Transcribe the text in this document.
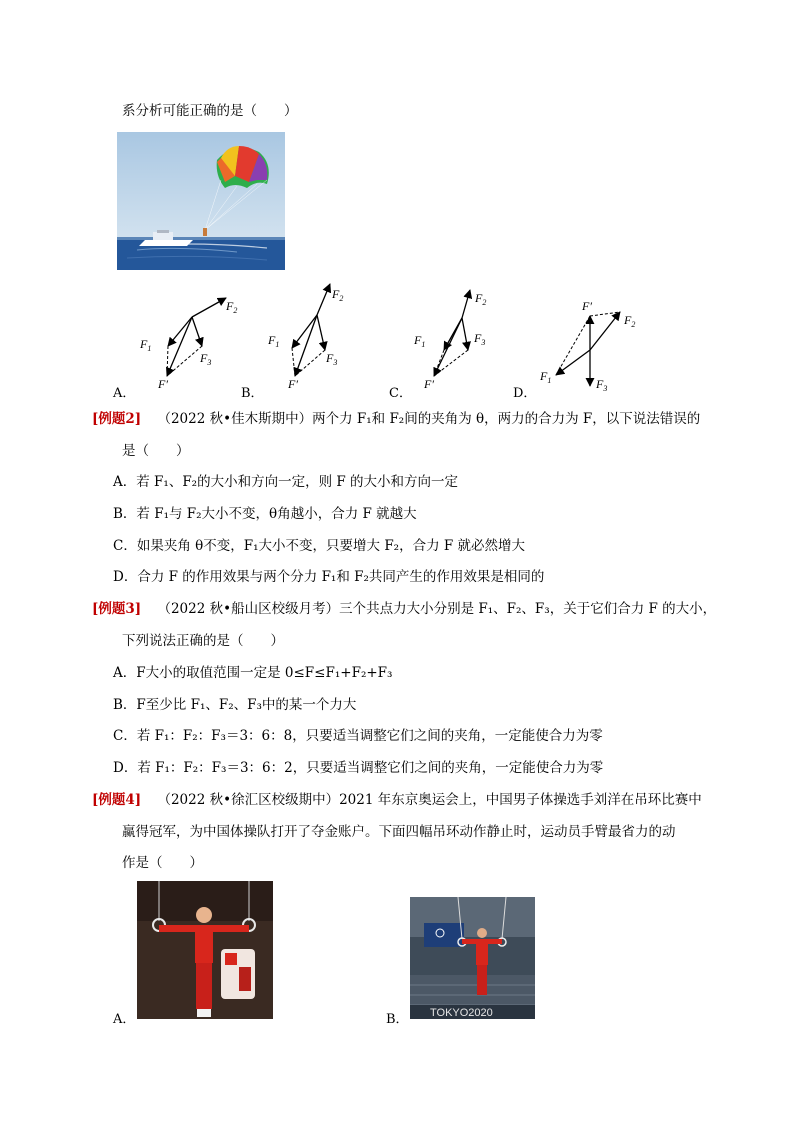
系分析可能正确的是（　　）
$F_2$
$F_1$
$F_3$
F′
$F_2$
$F_1$
$F_3$
F′
$F_2$
$F_1$	$F_3$
F′
F′
$F_2$
$F_1$	$F_3$
A．	B．	C．	D．
[例题2] （2022 秋•佳木斯期中）两个力 F₁和 F₂间的夹角为 θ，两力的合力为 F，以下说法错误的
是（　　）
A．若 F₁、F₂的大小和方向一定，则 F 的大小和方向一定
B．若 F₁与 F₂大小不变，θ角越小，合力 F 就越大
C．如果夹角 θ不变，F₁大小不变，只要增大 F₂，合力 F 就必然增大
D．合力 F 的作用效果与两个分力 F₁和 F₂共同产生的作用效果是相同的
[例题3] （2022 秋•船山区校级月考）三个共点力大小分别是 F₁、F₂、F₃，关于它们合力 F 的大小，
下列说法正确的是（　　）
A．F大小的取值范围一定是 0≤F≤F₁+F₂+F₃
B．F至少比 F₁、F₂、F₃中的某一个力大
C．若 F₁：F₂：F₃＝3：6：8，只要适当调整它们之间的夹角，一定能使合力为零
D．若 F₁：F₂：F₃＝3：6：2，只要适当调整它们之间的夹角，一定能使合力为零
[例题4] （2022 秋•徐汇区校级期中）2021 年东京奥运会上，中国男子体操选手刘洋在吊环比赛中
赢得冠军，为中国体操队打开了夺金账户。下面四幅吊环动作静止时，运动员手臂最省力的动
作是（　　）
A．	TOKYO2020
B．
